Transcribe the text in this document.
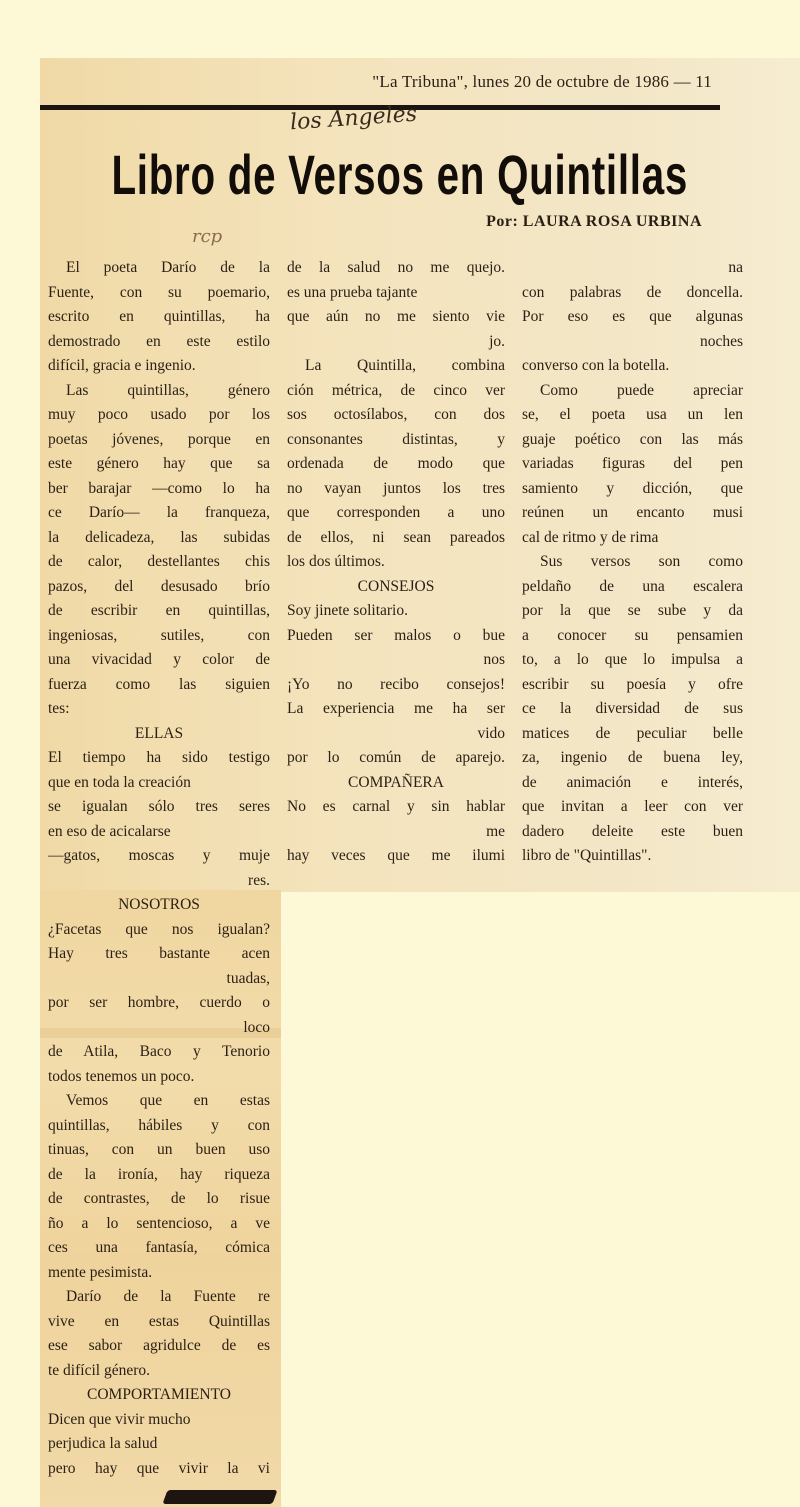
"La Tribuna", lunes 20 de octubre de 1986 — 11
los Angeles
Libro de Versos en Quintillas
Por: LAURA ROSA URBINA
rcp
El poeta Darío de la
Fuente, con su poemario,
escrito en quintillas, ha
demostrado en este estilo
difícil, gracia e ingenio.
Las quintillas, género
muy poco usado por los
poetas jóvenes, porque en
este género hay que sa
ber barajar —como lo ha
ce Darío— la franqueza,
la delicadeza, las subidas
de calor, destellantes chis
pazos, del desusado brío
de escribir en quintillas,
ingeniosas, sutiles, con
una vivacidad y color de
fuerza como las siguien
tes:
ELLAS
El tiempo ha sido testigo
que en toda la creación
se igualan sólo tres seres
en eso de acicalarse
—gatos, moscas y muje
res.
NOSOTROS
¿Facetas que nos igualan?
Hay tres bastante acen
tuadas,
por ser hombre, cuerdo o
loco
de Atila, Baco y Tenorio
todos tenemos un poco.
Vemos que en estas
quintillas, hábiles y con
tinuas, con un buen uso
de la ironía, hay riqueza
de contrastes, de lo risue
ño a lo sentencioso, a ve
ces una fantasía, cómica
mente pesimista.
Darío de la Fuente re
vive en estas Quintillas
ese sabor agridulce de es
te difícil género.
COMPORTAMIENTO
Dicen que vivir mucho
perjudica la salud
pero hay que vivir la vi
de la salud no me quejo.
es una prueba tajante
que aún no me siento vie
jo.
La Quintilla, combina
ción métrica, de cinco ver
sos octosílabos, con dos
consonantes distintas, y
ordenada de modo que
no vayan juntos los tres
que corresponden a uno
de ellos, ni sean pareados
los dos últimos.
CONSEJOS
Soy jinete solitario.
Pueden ser malos o bue
nos
¡Yo no recibo consejos!
La experiencia me ha ser
vido
por lo común de aparejo.
COMPAÑERA
No es carnal y sin hablar
me
hay veces que me ilumi
na
con palabras de doncella.
Por eso es que algunas
noches
converso con la botella.
Como puede apreciar
se, el poeta usa un len
guaje poético con las más
variadas figuras del pen
samiento y dicción, que
reúnen un encanto musi
cal de ritmo y de rima
Sus versos son como
peldaño de una escalera
por la que se sube y da
a conocer su pensamien
to, a lo que lo impulsa a
escribir su poesía y ofre
ce la diversidad de sus
matices de peculiar belle
za, ingenio de buena ley,
de animación e interés,
que invitan a leer con ver
dadero deleite este buen
libro de "Quintillas".
